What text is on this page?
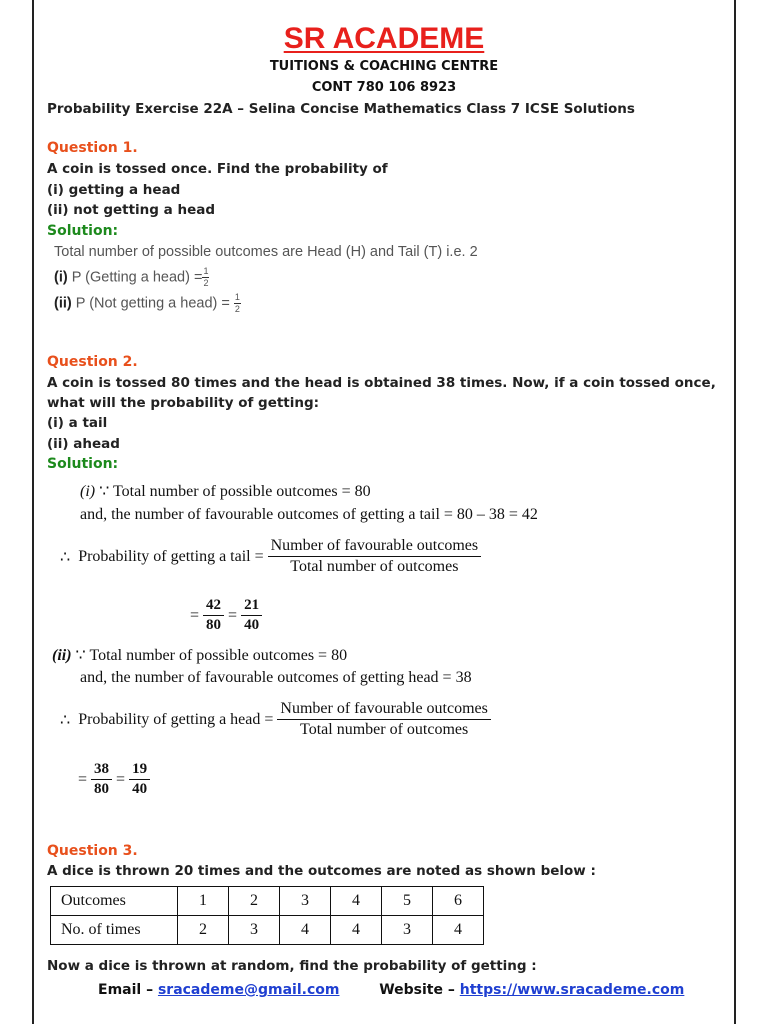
SR ACADEME
TUITIONS & COACHING CENTRE
CONT 780 106 8923
Probability Exercise 22A – Selina Concise Mathematics Class 7 ICSE Solutions
Question 1.
A coin is tossed once. Find the probability of
(i) getting a head
(ii) not getting a head
Solution:
Total number of possible outcomes are Head (H) and Tail (T) i.e. 2
(i) P (Getting a head) = $\frac{1}{2}$
(ii) P (Not getting a head) = $\frac{1}{2}$
Question 2.
A coin is tossed 80 times and the head is obtained 38 times. Now, if a coin tossed once,
what will the probability of getting:
(i) a tail
(ii) ahead
Solution:
(i) ∵ Total number of possible outcomes = 80
and, the number of favourable outcomes of getting a tail = 80 – 38 = 42
∴ Probability of getting a tail = $\frac{\text{Number of favourable outcomes}}{\text{Total number of outcomes}}$
= $\frac{42}{80} = \frac{21}{40}$
(ii) ∵ Total number of possible outcomes = 80
and, the number of favourable outcomes of getting head = 38
∴ Probability of getting a head = $\frac{\text{Number of favourable outcomes}}{\text{Total number of outcomes}}$
= $\frac{38}{80} = \frac{19}{40}$
Question 3.
A dice is thrown 20 times and the outcomes are noted as shown below :
Outcomes	1	2	3	4	5	6
No. of times	2	3	4	4	3	4
Now a dice is thrown at random, find the probability of getting :
Email – sracademe@gmail.com	Website – https://www.sracademe.com
